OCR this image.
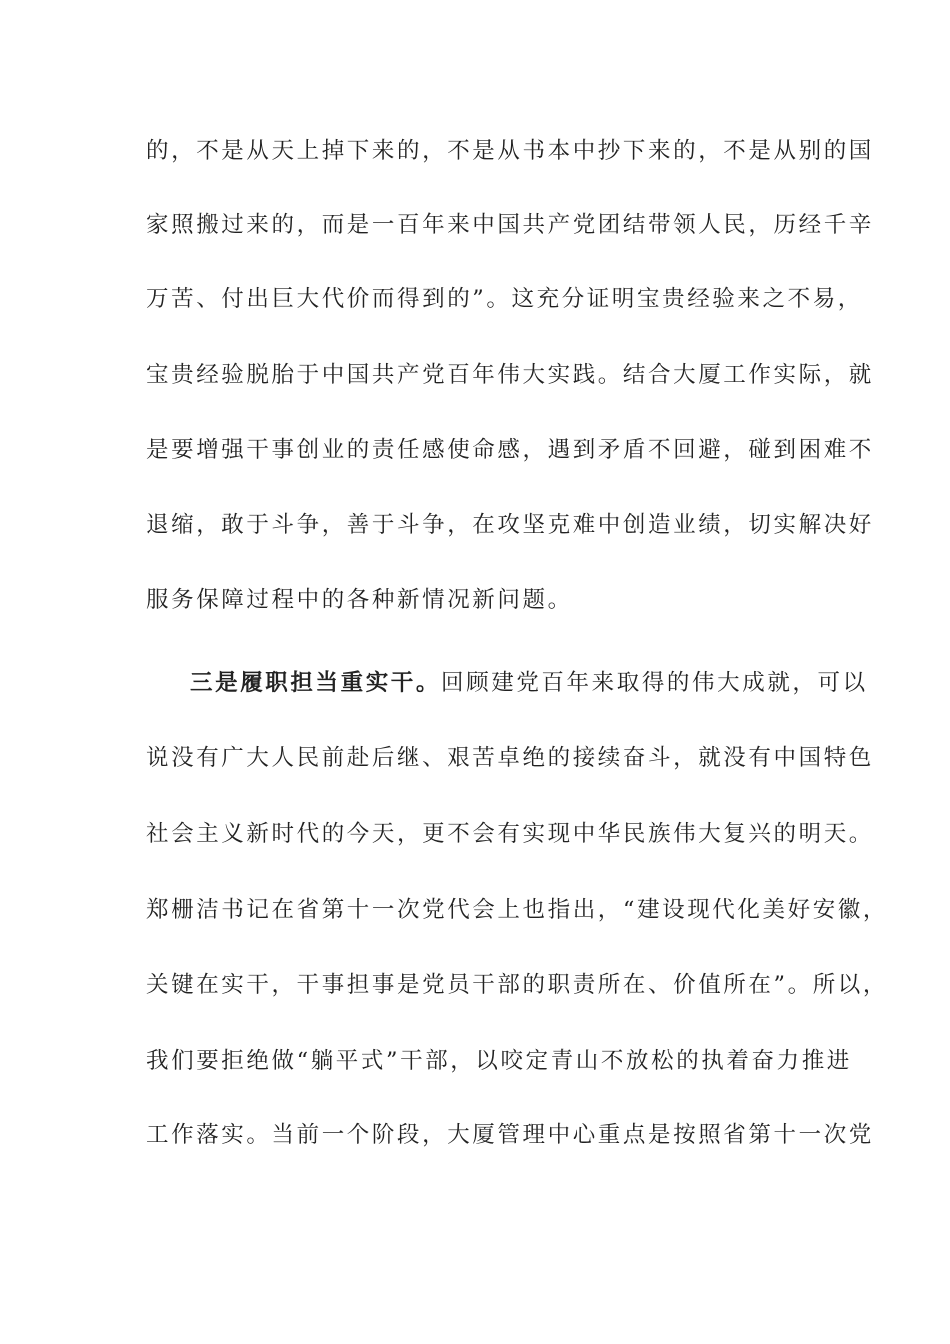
的，不是从天上掉下来的，不是从书本中抄下来的，不是从别的国
家照搬过来的，而是一百年来中国共产党团结带领人民，历经千辛
万苦、付出巨大代价而得到的”。这充分证明宝贵经验来之不易，
宝贵经验脱胎于中国共产党百年伟大实践。结合大厦工作实际，就
是要增强干事创业的责任感使命感，遇到矛盾不回避，碰到困难不
退缩，敢于斗争，善于斗争，在攻坚克难中创造业绩，切实解决好
服务保障过程中的各种新情况新问题。
三是履职担当重实干。回顾建党百年来取得的伟大成就，可以
说没有广大人民前赴后继、艰苦卓绝的接续奋斗，就没有中国特色
社会主义新时代的今天，更不会有实现中华民族伟大复兴的明天。
郑栅洁书记在省第十一次党代会上也指出，“建设现代化美好安徽，
关键在实干，干事担事是党员干部的职责所在、价值所在”。所以，
我们要拒绝做“躺平式”干部，以咬定青山不放松的执着奋力推进
工作落实。当前一个阶段，大厦管理中心重点是按照省第十一次党
